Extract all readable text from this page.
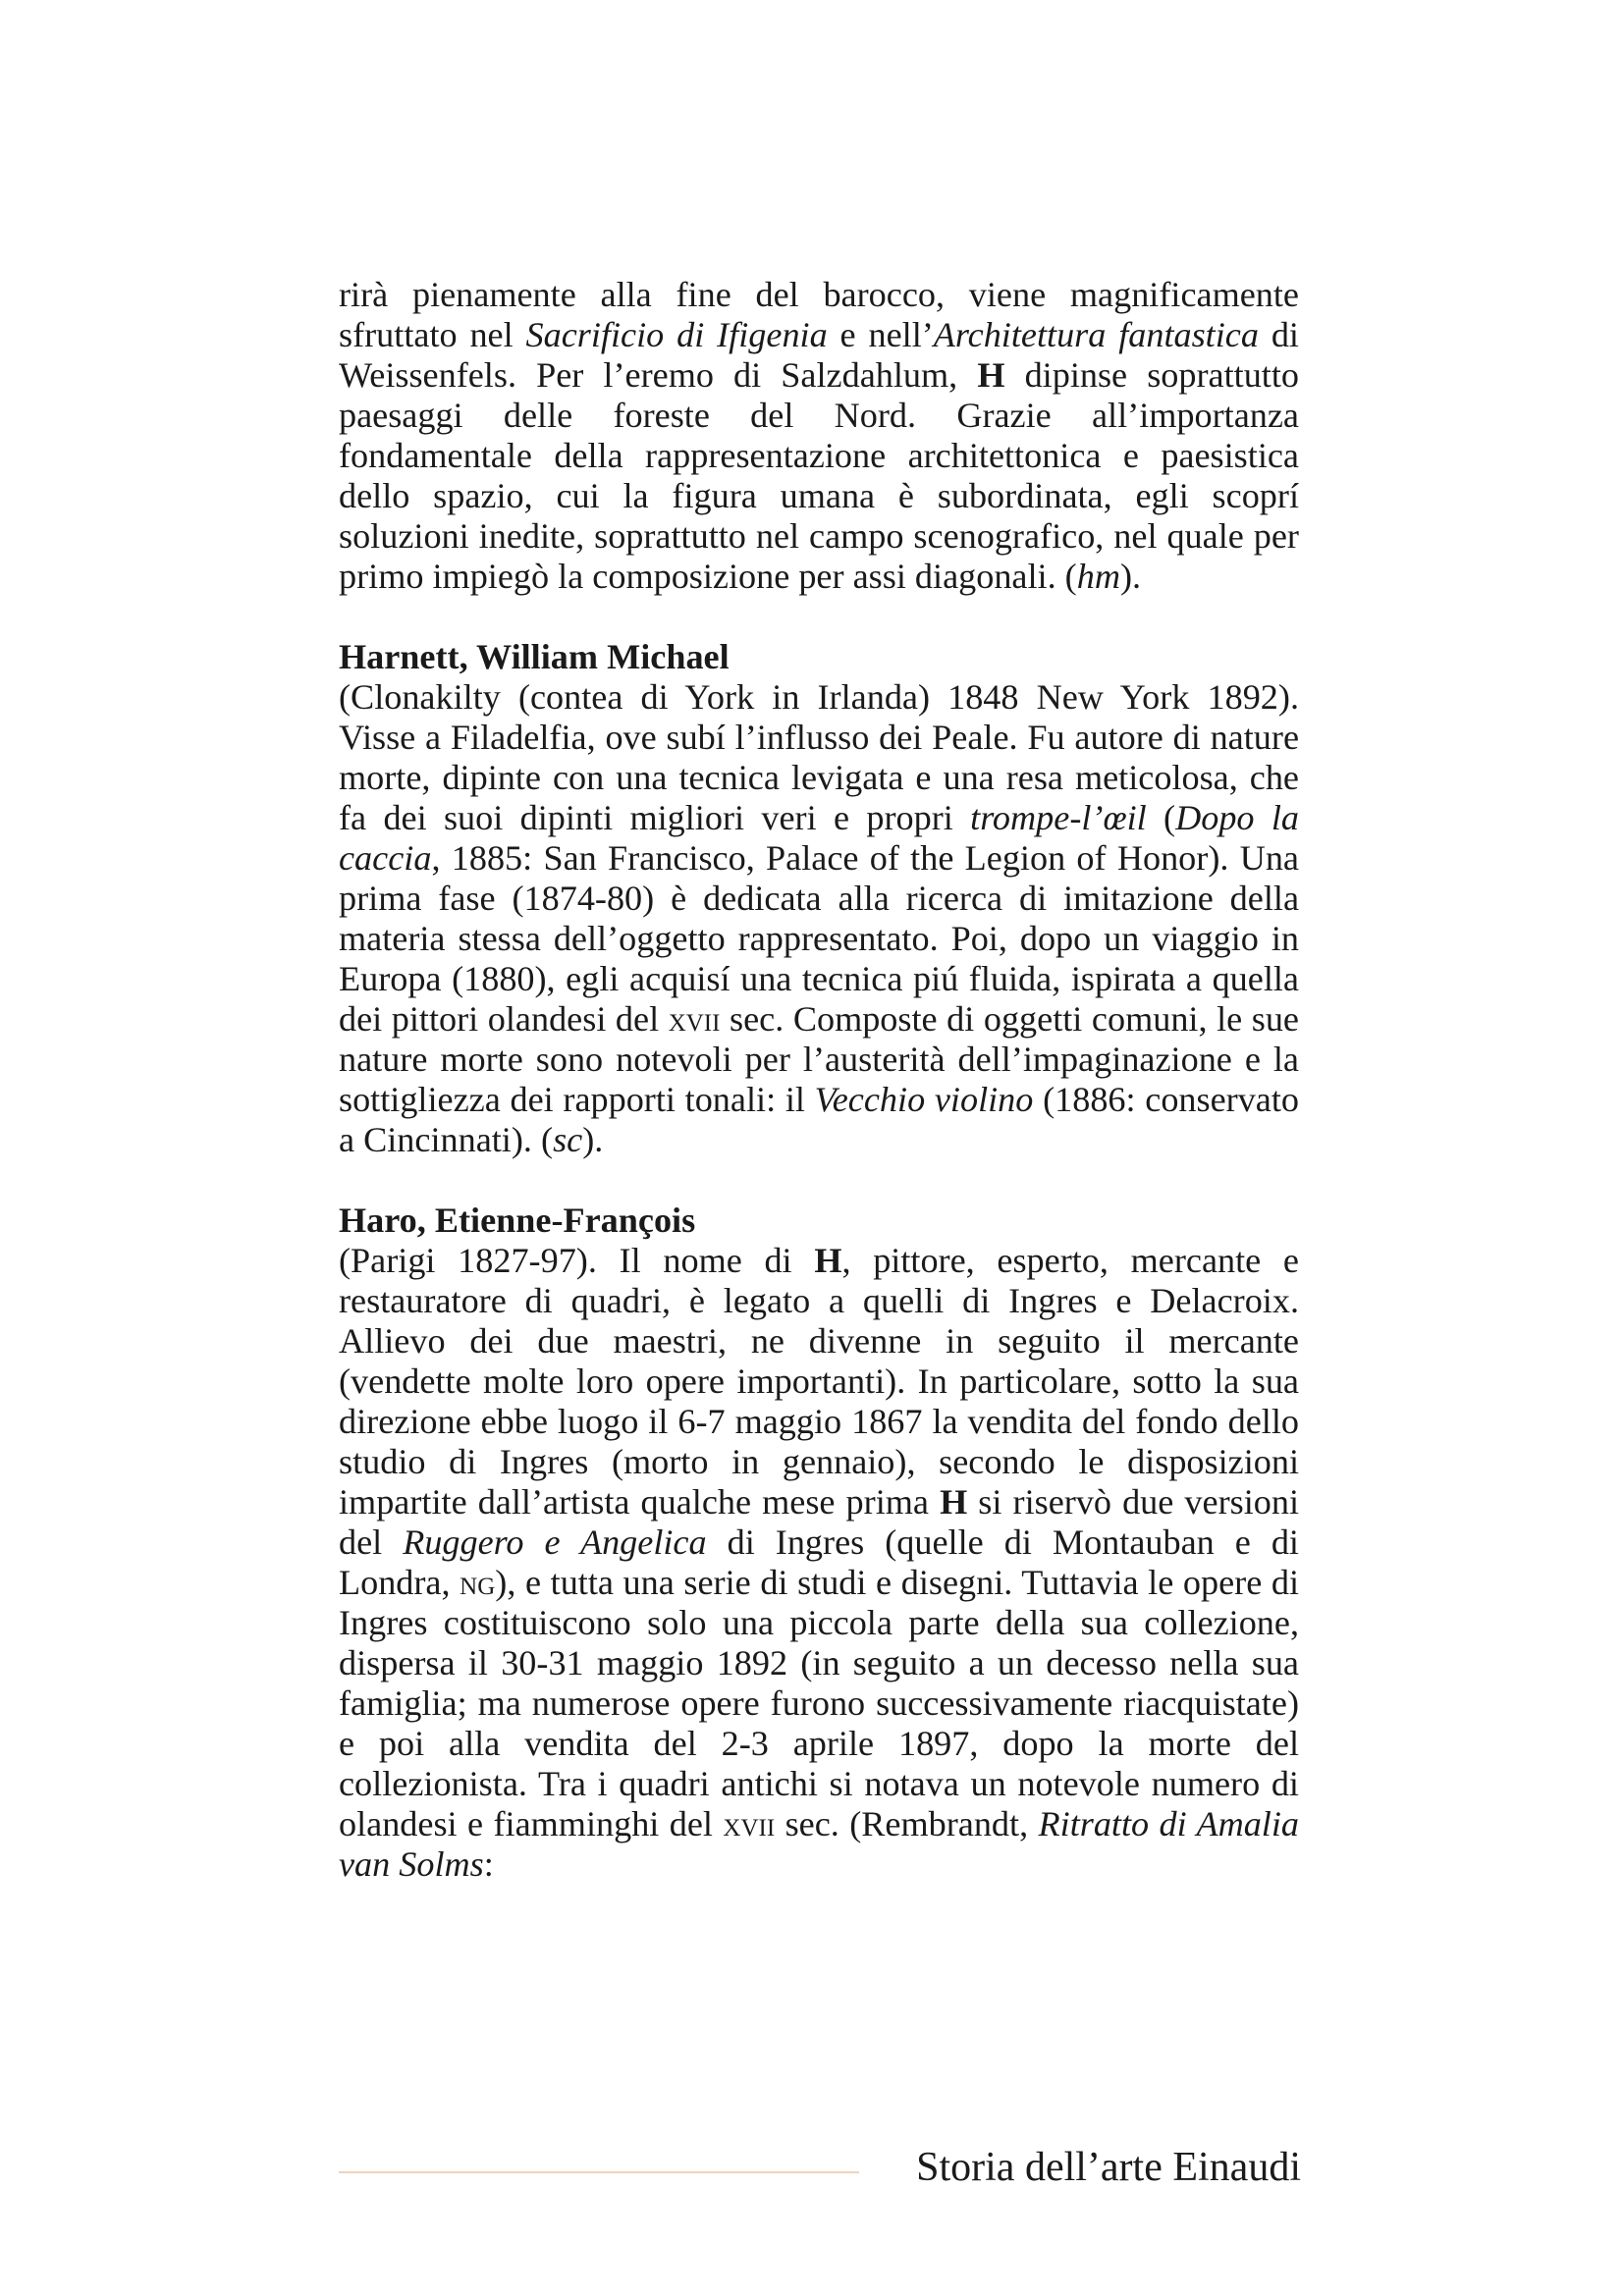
rirà pienamente alla fine del barocco, viene magnificamente sfruttato nel Sacrificio di Ifigenia e nell’Architettura fantastica di Weissenfels. Per l’eremo di Salzdahlum, H dipinse soprattutto paesaggi delle foreste del Nord. Grazie all’importanza fondamentale della rappresentazione architettonica e paesistica dello spazio, cui la figura umana è subordinata, egli scoprí soluzioni inedite, soprattutto nel campo scenografico, nel quale per primo impiegò la composizione per assi diagonali. (hm).

Harnett, William Michael

(Clonakilty (contea di York in Irlanda) 1848 New York 1892). Visse a Filadelfia, ove subí l’influsso dei Peale. Fu autore di nature morte, dipinte con una tecnica levigata e una resa meticolosa, che fa dei suoi dipinti migliori veri e propri trompe-l’œil (Dopo la caccia, 1885: San Francisco, Palace of the Legion of Honor). Una prima fase (1874-80) è dedicata alla ricerca di imitazione della materia stessa dell’oggetto rappresentato. Poi, dopo un viaggio in Europa (1880), egli acquisí una tecnica piú fluida, ispirata a quella dei pittori olandesi del xvii sec. Composte di oggetti comuni, le sue nature morte sono notevoli per l’austerità dell’impaginazione e la sottigliezza dei rapporti tonali: il Vecchio violino (1886: conservato a Cincinnati). (sc).

Haro, Etienne-François

(Parigi 1827-97). Il nome di H, pittore, esperto, mercante e restauratore di quadri, è legato a quelli di Ingres e Delacroix. Allievo dei due maestri, ne divenne in seguito il mercante (vendette molte loro opere importanti). In particolare, sotto la sua direzione ebbe luogo il 6-7 maggio 1867 la vendita del fondo dello studio di Ingres (morto in gennaio), secondo le disposizioni impartite dall’artista qualche mese prima H si riservò due versioni del Ruggero e Angelica di Ingres (quelle di Montauban e di Londra, ng), e tutta una serie di studi e disegni. Tuttavia le opere di Ingres costituiscono solo una piccola parte della sua collezione, dispersa il 30-31 maggio 1892 (in seguito a un decesso nella sua famiglia; ma numerose opere furono successivamente riacquistate) e poi alla vendita del 2-3 aprile 1897, dopo la morte del collezionista. Tra i quadri antichi si notava un notevole numero di olandesi e fiamminghi del xvii sec. (Rembrandt, Ritratto di Amalia van Solms:

Storia dell’arte Einaudi
